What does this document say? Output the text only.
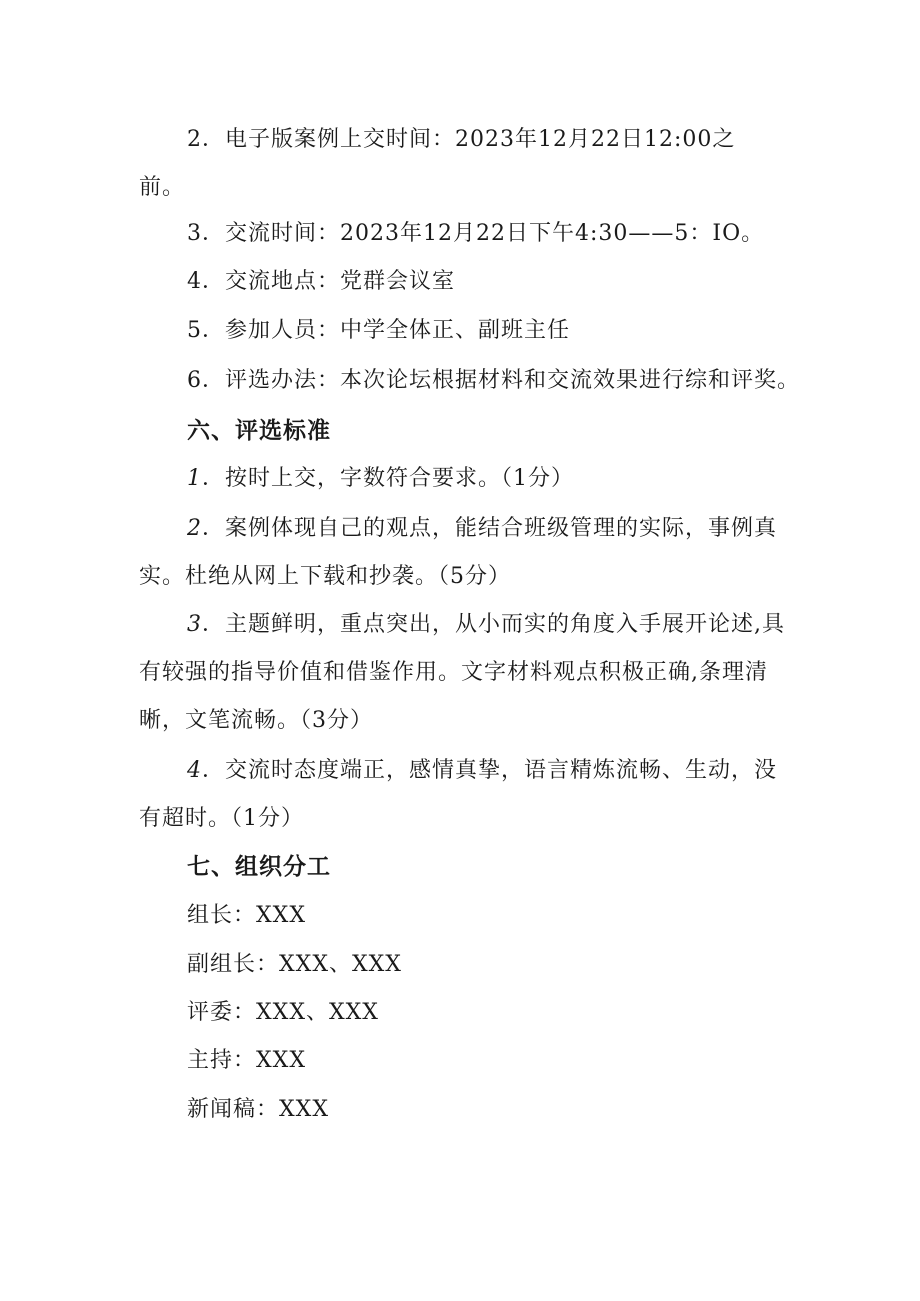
2．电子版案例上交时间：2023年12月22日12:00之
前。
3．交流时间：2023年12月22日下午4:30——5：IO。
4．交流地点：党群会议室
5．参加人员：中学全体正、副班主任
6．评选办法：本次论坛根据材料和交流效果进行综和评奖。
六、评选标准
1．按时上交，字数符合要求。（1分）
2．案例体现自己的观点，能结合班级管理的实际，事例真
实。杜绝从网上下载和抄袭。（5分）
3．主题鲜明，重点突出，从小而实的角度入手展开论述,具
有较强的指导价值和借鉴作用。文字材料观点积极正确,条理清
晰，文笔流畅。（3分）
4．交流时态度端正，感情真挚，语言精炼流畅、生动，没
有超时。（1分）
七、组织分工
组长：XXX
副组长：XXX、XXX
评委：XXX、XXX
主持：XXX
新闻稿：XXX
